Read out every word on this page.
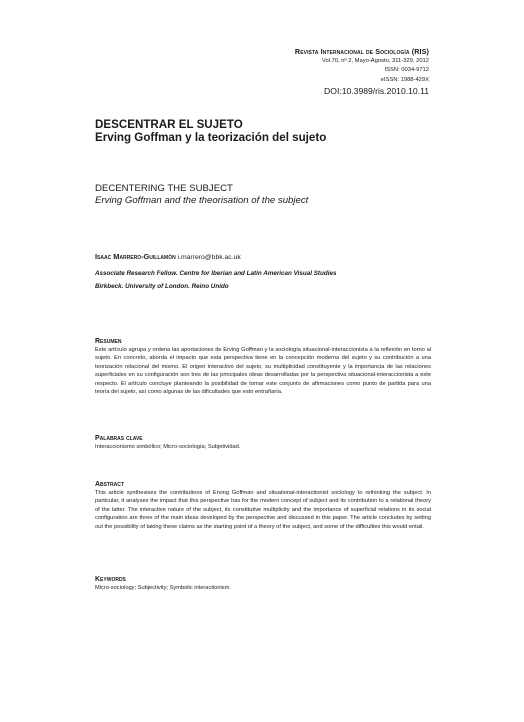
Revista Internacional de Sociología (RIS)
Vol.70, nº 2, Mayo-Agosto, 311-329, 2012
ISSN: 0034-9712
eISSN: 1988-429X
DOI:10.3989/ris.2010.10.11
DESCENTRAR EL SUJETO
Erving Goffman y la teorización del sujeto
DECENTERING THE SUBJECT
Erving Goffman and the theorisation of the subject
Isaac Marrero-Guillamón i.marrero@bbk.ac.uk
Associate Research Fellow. Centre for Iberian and Latin American Visual Studies
Birkbeck. University of London. Reino Unido
Resumen
Este artículo agrupa y ordena las aportaciones de Erving Goffman y la sociología situacional-interaccionista a la reflexión en torno al sujeto. En concreto, aborda el impacto que esta perspectiva tiene en la concepción moderna del sujeto y su contribución a una teorización relacional del mismo. El origen interactivo del sujeto, su multiplicidad constituyente y la importancia de las relaciones superficiales en su configuración son tres de las principales ideas desarrolladas por la perspectiva situacional-interaccionista a este respecto. El artículo concluye planteando la posibilidad de tomar este conjunto de afirmaciones como punto de partida para una teoría del sujeto, así como algunas de las dificultades que esto entrañaría.
Palabras clave
Interaccionismo simbólico; Micro-sociología; Subjetividad.
Abstract
This article synthesises the contributions of Erving Goffman and situational-interactionist sociology to rethinking the subject. In particular, it analyses the impact that this perspective has for the modern concept of subject and its contribution to a relational theory of the latter. The interactive nature of the subject, its constitutive multiplicity and the importance of superficial relations in its social configuration are three of the main ideas developed by the perspective and discussed in this paper. The article concludes by setting out the possibility of taking these claims as the starting point of a theory of the subject, and some of the difficulties this would entail.
Keywords
Micro-sociology; Subjectivity; Symbolic interactionism.
